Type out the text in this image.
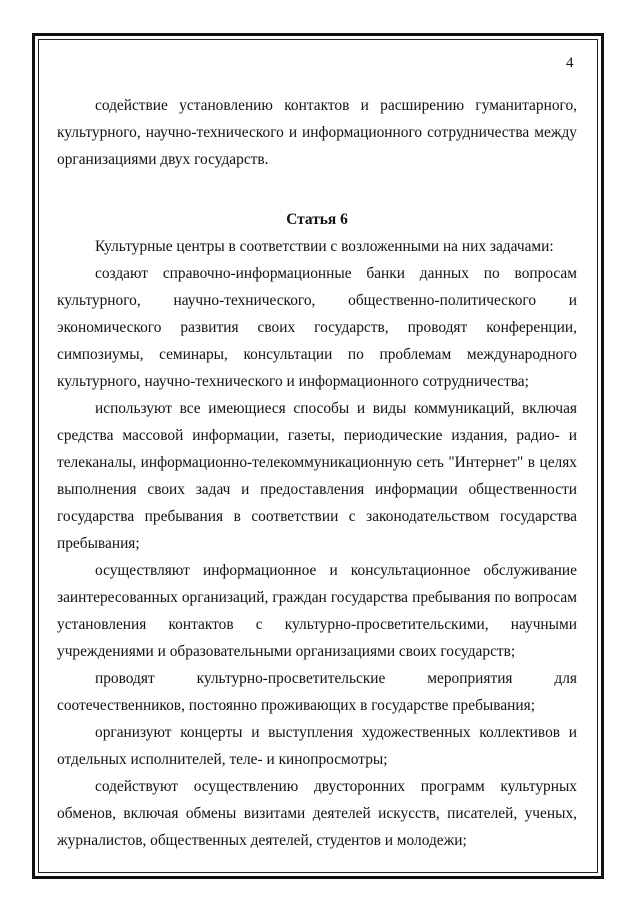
4

содействие установлению контактов и расширению гуманитарного, культурного, научно-технического и информационного сотрудничества между организациями двух государств.

Статья 6

Культурные центры в соответствии с возложенными на них задачами:

создают справочно-информационные банки данных по вопросам культурного, научно-технического, общественно-политического и экономического развития своих государств, проводят конференции, симпозиумы, семинары, консультации по проблемам международного культурного, научно-технического и информационного сотрудничества;

используют все имеющиеся способы и виды коммуникаций, включая средства массовой информации, газеты, периодические издания, радио- и телеканалы, информационно-телекоммуникационную сеть "Интернет" в целях выполнения своих задач и предоставления информации общественности государства пребывания в соответствии с законодательством государства пребывания;

осуществляют информационное и консультационное обслуживание заинтересованных организаций, граждан государства пребывания по вопросам установления контактов с культурно-просветительскими, научными учреждениями и образовательными организациями своих государств;

проводят культурно-просветительские мероприятия для соотечественников, постоянно проживающих в государстве пребывания;

организуют концерты и выступления художественных коллективов и отдельных исполнителей, теле- и кинопросмотры;

содействуют осуществлению двусторонних программ культурных обменов, включая обмены визитами деятелей искусств, писателей, ученых, журналистов, общественных деятелей, студентов и молодежи;
